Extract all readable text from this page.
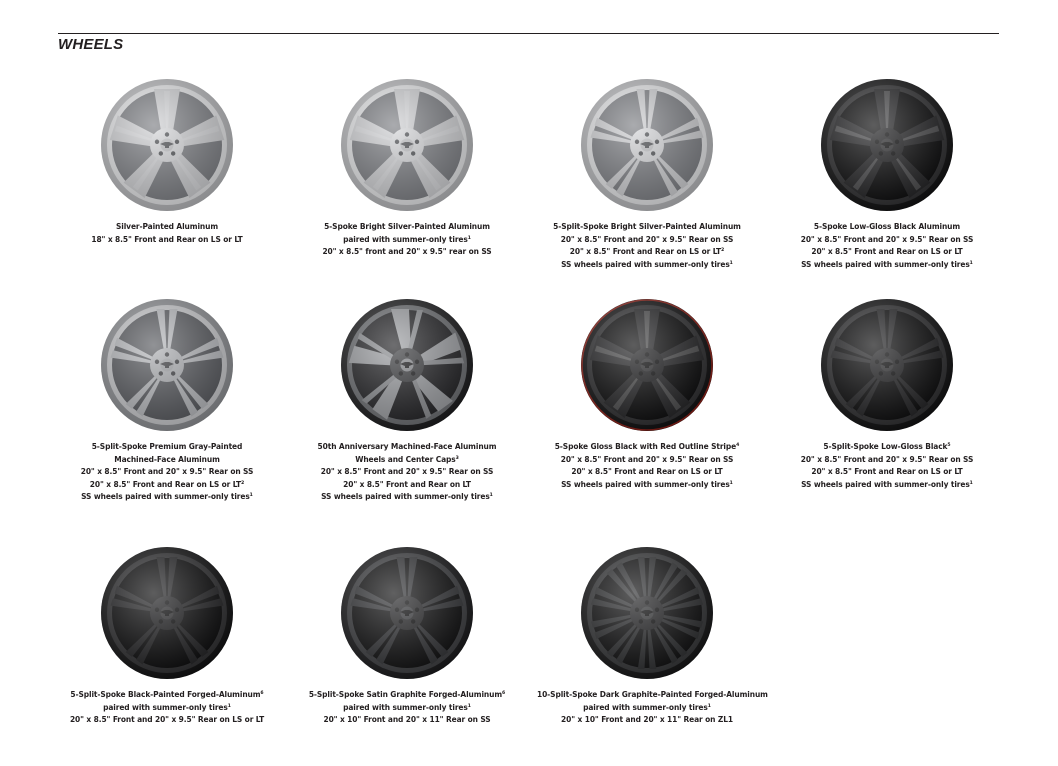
WHEELS
Silver-Painted Aluminum
18" x 8.5" Front and Rear on LS or LT
5-Spoke Bright Silver-Painted Aluminum
paired with summer-only tires¹
20" x 8.5" front and 20" x 9.5" rear on SS
5-Split-Spoke Bright Silver-Painted Aluminum
20" x 8.5" Front and 20" x 9.5" Rear on SS
20" x 8.5" Front and Rear on LS or LT²
SS wheels paired with summer-only tires¹
5-Spoke Low-Gloss Black Aluminum
20" x 8.5" Front and 20" x 9.5" Rear on SS
20" x 8.5" Front and Rear on LS or LT
SS wheels paired with summer-only tires¹
5-Split-Spoke Premium Gray-Painted
Machined-Face Aluminum
20" x 8.5" Front and 20" x 9.5" Rear on SS
20" x 8.5" Front and Rear on LS or LT²
SS wheels paired with summer-only tires¹
50th Anniversary Machined-Face Aluminum
Wheels and Center Caps³
20" x 8.5" Front and 20" x 9.5" Rear on SS
20" x 8.5" Front and Rear on LT
SS wheels paired with summer-only tires¹
5-Spoke Gloss Black with Red Outline Stripe⁴
20" x 8.5" Front and 20" x 9.5" Rear on SS
20" x 8.5" Front and Rear on LS or LT
SS wheels paired with summer-only tires¹
5-Split-Spoke Low-Gloss Black⁵
20" x 8.5" Front and 20" x 9.5" Rear on SS
20" x 8.5" Front and Rear on LS or LT
SS wheels paired with summer-only tires¹
5-Split-Spoke Black-Painted Forged-Aluminum⁶
paired with summer-only tires¹
20" x 8.5" Front and 20" x 9.5" Rear on LS or LT
5-Split-Spoke Satin Graphite Forged-Aluminum⁶
paired with summer-only tires¹
20" x 10" Front and 20" x 11" Rear on SS
10-Split-Spoke Dark Graphite-Painted Forged-Aluminum
paired with summer-only tires¹
20" x 10" Front and 20" x 11" Rear on ZL1
